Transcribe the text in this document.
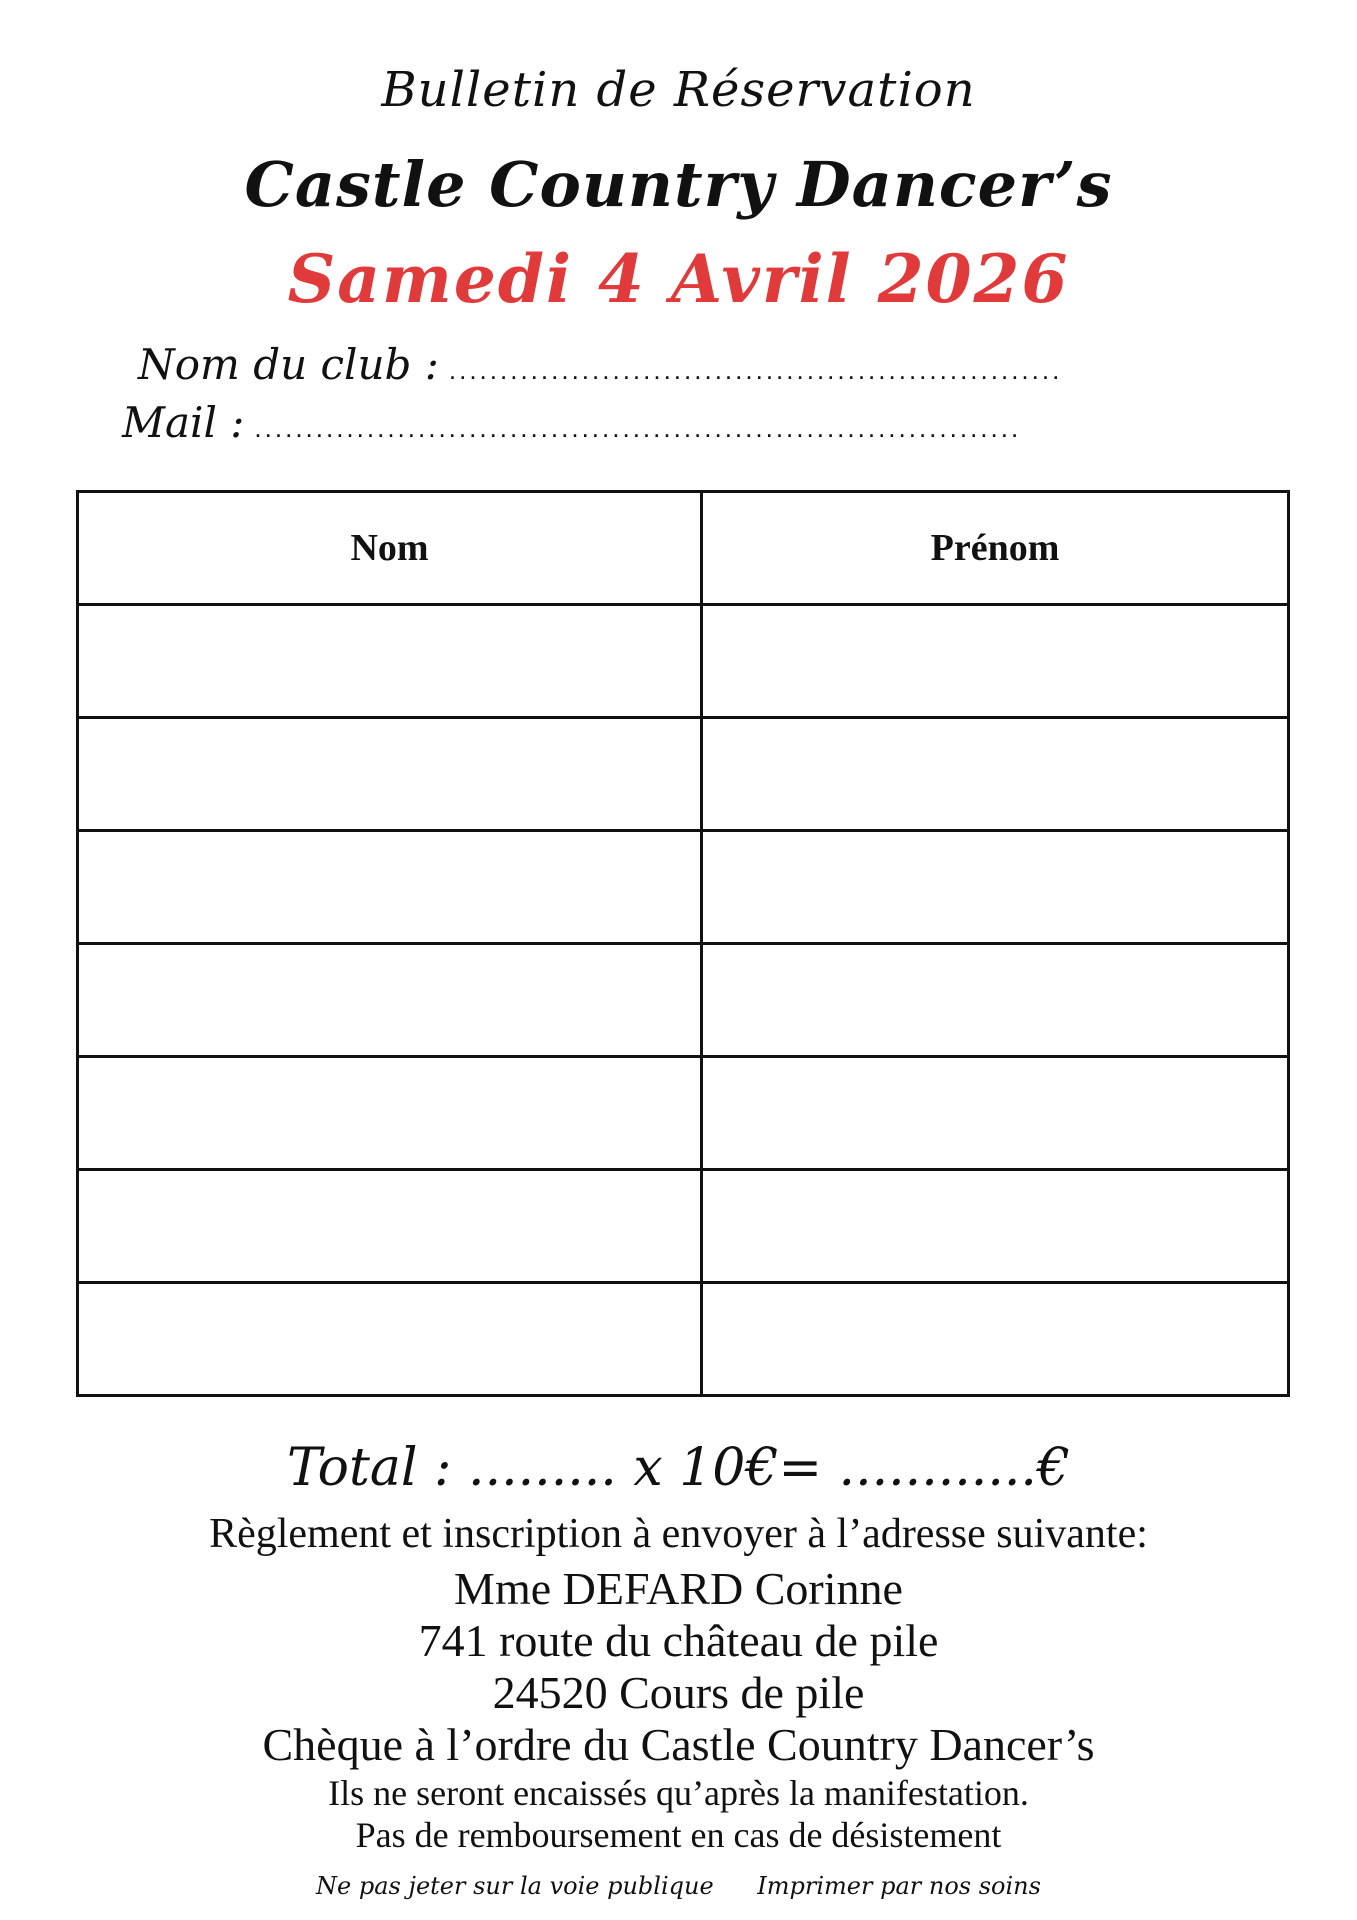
Bulletin de Réservation
Castle Country Dancer’s
Samedi 4 Avril 2026
Nom du club : ............................................................
Mail : ...........................................................................
Nom	Prénom

Total : ......... x 10€= ............€
Règlement et inscription à envoyer à l’adresse suivante:
Mme DEFARD Corinne
741 route du château de pile
24520 Cours de pile
Chèque à l’ordre du Castle Country Dancer’s
Ils ne seront encaissés qu’après la manifestation.
Pas de remboursement en cas de désistement
Ne pas jeter sur la voie publique Imprimer par nos soins
